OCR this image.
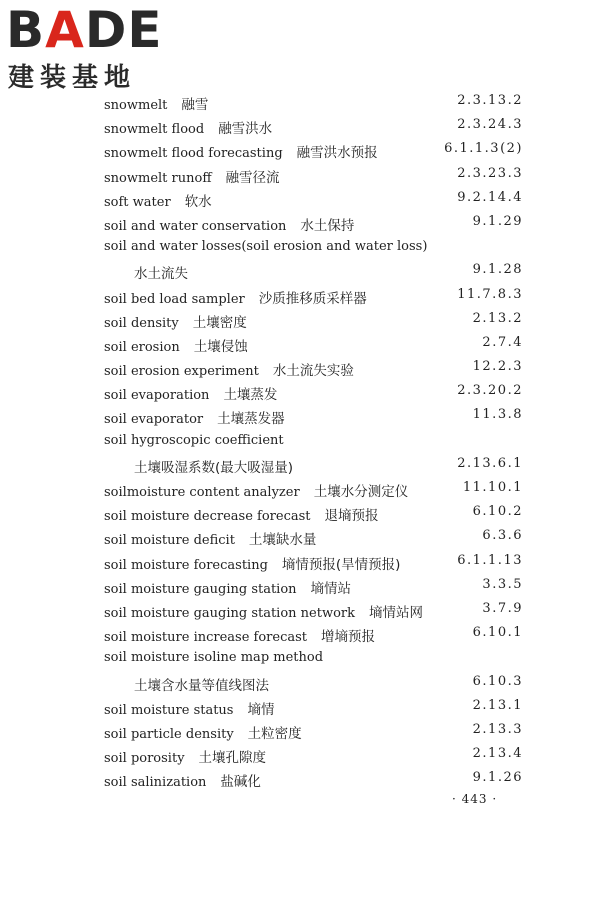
BADE
建装基地
snowmelt 融雪	2.3.13.2
snowmelt flood 融雪洪水	2.3.24.3
snowmelt flood forecasting 融雪洪水预报	6.1.1.3(2)
snowmelt runoff 融雪径流	2.3.23.3
soft water 软水	9.2.14.4
soil and water conservation 水土保持	9.1.29
soil and water losses(soil erosion and water loss)
水土流失	9.1.28
soil bed load sampler 沙质推移质采样器	11.7.8.3
soil density 土壤密度	2.13.2
soil erosion 土壤侵蚀	2.7.4
soil erosion experiment 水土流失实验	12.2.3
soil evaporation 土壤蒸发	2.3.20.2
soil evaporator 土壤蒸发器	11.3.8
soil hygroscopic coefficient
土壤吸湿系数(最大吸湿量)	2.13.6.1
soilmoisture content analyzer 土壤水分测定仪	11.10.1
soil moisture decrease forecast 退墒预报	6.10.2
soil moisture deficit 土壤缺水量	6.3.6
soil moisture forecasting 墒情预报(旱情预报)	6.1.1.13
soil moisture gauging station 墒情站	3.3.5
soil moisture gauging station network 墒情站网	3.7.9
soil moisture increase forecast 增墒预报	6.10.1
soil moisture isoline map method
土壤含水量等值线图法	6.10.3
soil moisture status 墒情	2.13.1
soil particle density 土粒密度	2.13.3
soil porosity 土壤孔隙度	2.13.4
soil salinization 盐碱化	9.1.26
· 443 ·
